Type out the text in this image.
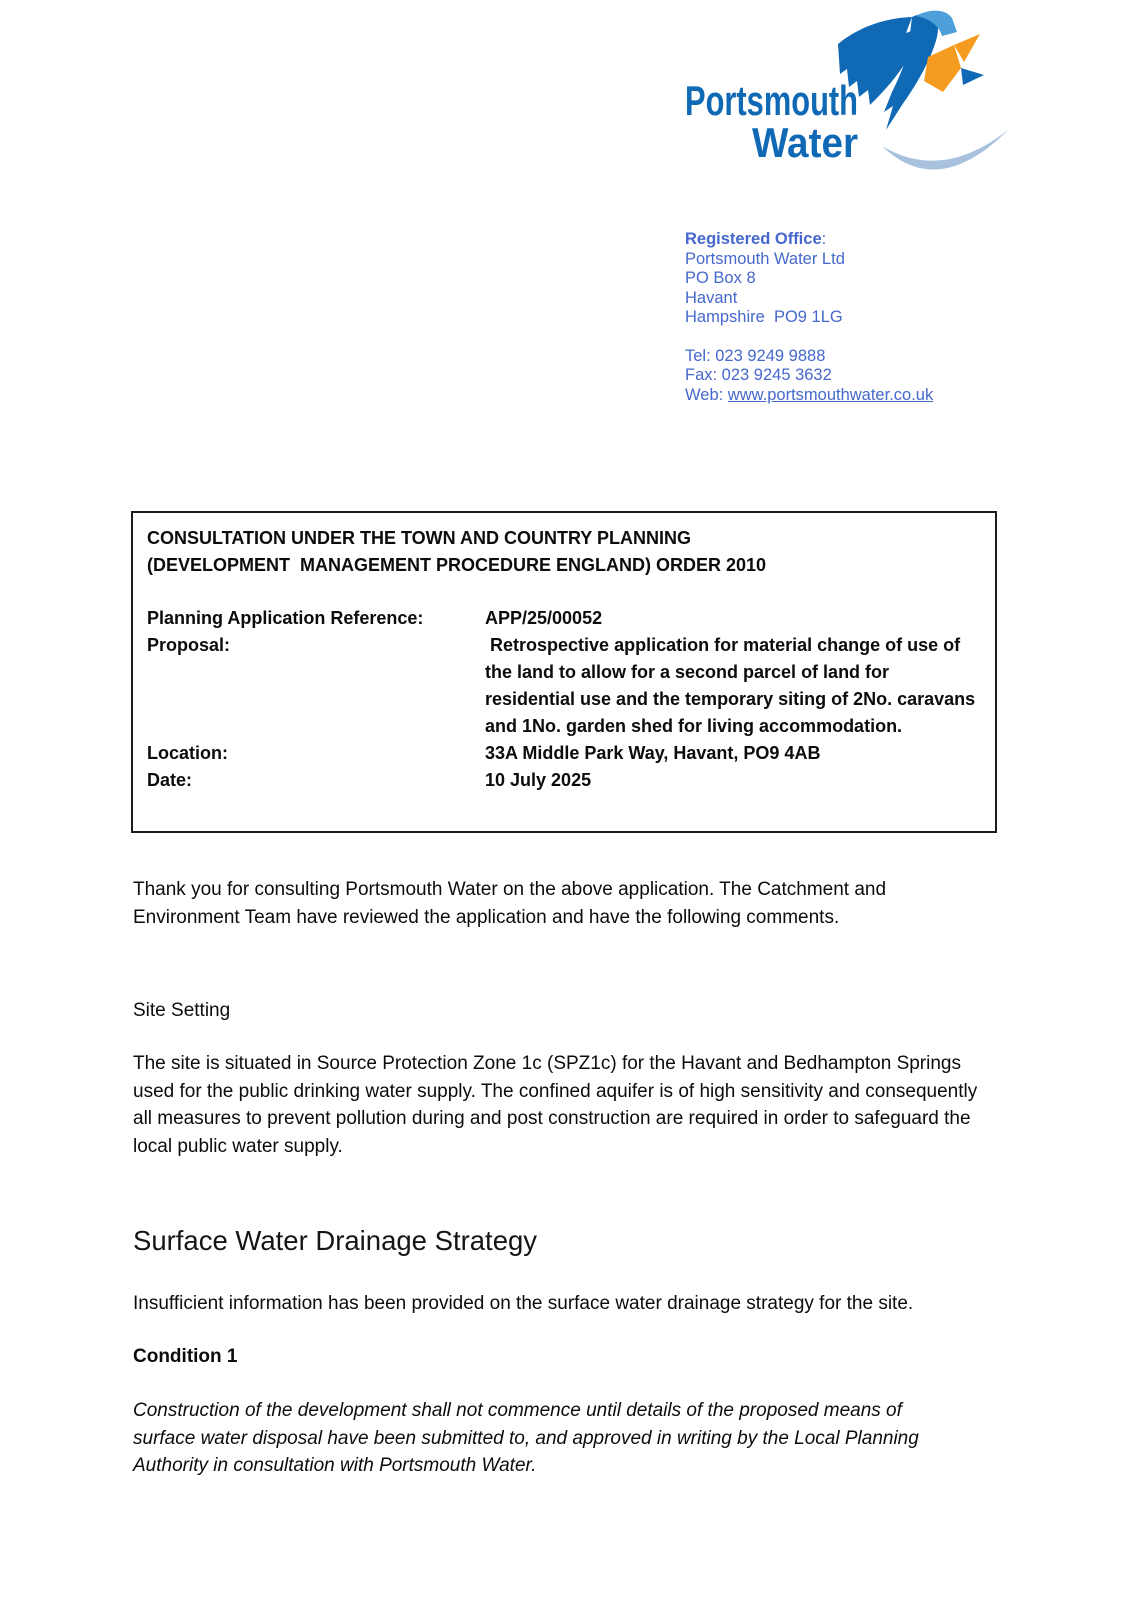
Portsmouth
Water
Registered Office:
Portsmouth Water Ltd
PO Box 8
Havant
Hampshire  PO9 1LG
Tel: 023 9249 9888
Fax: 023 9245 3632
Web: www.portsmouthwater.co.uk
CONSULTATION UNDER THE TOWN AND COUNTRY PLANNING
(DEVELOPMENT  MANAGEMENT PROCEDURE ENGLAND) ORDER 2010
Planning Application Reference:	APP/25/00052
Proposal:	Retrospective application for material change of use of the land to allow for a second parcel of land for residential use and the temporary siting of 2No. caravans and 1No. garden shed for living accommodation.
Location:	33A Middle Park Way, Havant, PO9 4AB
Date:	10 July 2025
Thank you for consulting Portsmouth Water on the above application. The Catchment and Environment Team have reviewed the application and have the following comments.
Site Setting
The site is situated in Source Protection Zone 1c (SPZ1c) for the Havant and Bedhampton Springs used for the public drinking water supply. The confined aquifer is of high sensitivity and consequently all measures to prevent pollution during and post construction are required in order to safeguard the local public water supply.
Surface Water Drainage Strategy
Insufficient information has been provided on the surface water drainage strategy for the site.
Condition 1
Construction of the development shall not commence until details of the proposed means of surface water disposal have been submitted to, and approved in writing by the Local Planning Authority in consultation with Portsmouth Water.
